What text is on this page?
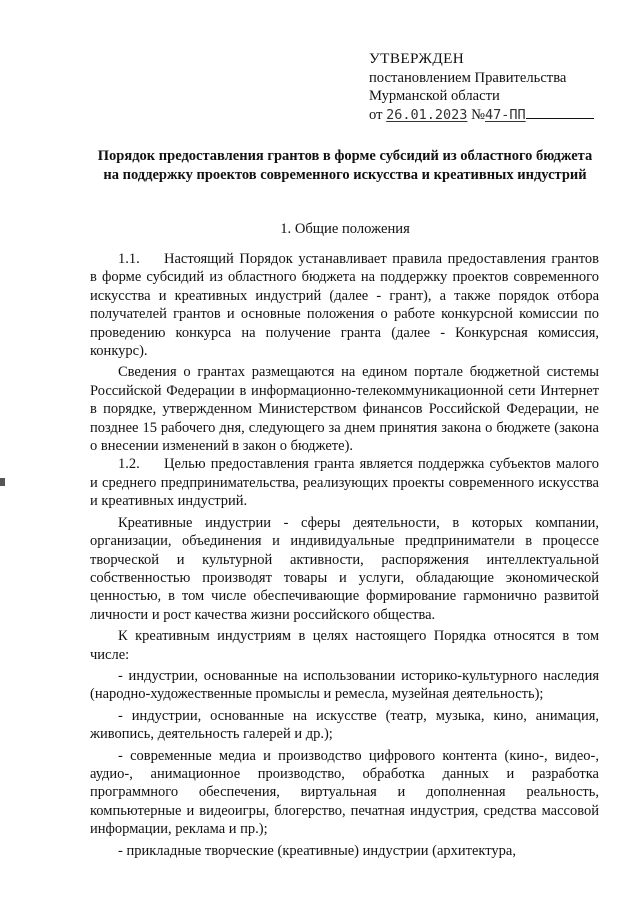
УТВЕРЖДЕН
постановлением Правительства
Мурманской области
от 26.01.2023 №47-ПП
Порядок предоставления грантов в форме субсидий из областного бюджета на поддержку проектов современного искусства и креативных индустрий
1. Общие положения

1.1. Настоящий Порядок устанавливает правила предоставления грантов в форме субсидий из областного бюджета на поддержку проектов современного искусства и креативных индустрий (далее - грант), а также порядок отбора получателей грантов и основные положения о работе конкурсной комиссии по проведению конкурса на получение гранта (далее - Конкурсная комиссия, конкурс).

Сведения о грантах размещаются на едином портале бюджетной системы Российской Федерации в информационно-телекоммуникационной сети Интернет в порядке, утвержденном Министерством финансов Российской Федерации, не позднее 15 рабочего дня, следующего за днем принятия закона о бюджете (закона о внесении изменений в закон о бюджете).

1.2. Целью предоставления гранта является поддержка субъектов малого и среднего предпринимательства, реализующих проекты современного искусства и креативных индустрий.

Креативные индустрии - сферы деятельности, в которых компании, организации, объединения и индивидуальные предприниматели в процессе творческой и культурной активности, распоряжения интеллектуальной собственностью производят товары и услуги, обладающие экономической ценностью, в том числе обеспечивающие формирование гармонично развитой личности и рост качества жизни российского общества.

К креативным индустриям в целях настоящего Порядка относятся в том числе:

- индустрии, основанные на использовании историко-культурного наследия (народно-художественные промыслы и ремесла, музейная деятельность);

- индустрии, основанные на искусстве (театр, музыка, кино, анимация, живопись, деятельность галерей и др.);

- современные медиа и производство цифрового контента (кино-, видео-, аудио-, анимационное производство, обработка данных и разработка программного обеспечения, виртуальная и дополненная реальность, компьютерные и видеоигры, блогерство, печатная индустрия, средства массовой информации, реклама и пр.);

- прикладные творческие (креативные) индустрии (архитектура,
